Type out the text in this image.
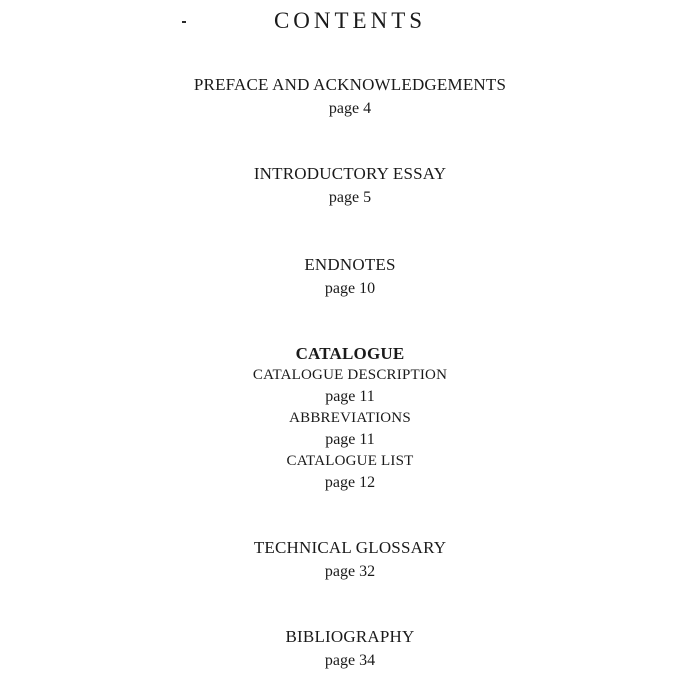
CONTENTS
PREFACE AND ACKNOWLEDGEMENTS
page 4
INTRODUCTORY ESSAY
page 5
ENDNOTES
page 10
CATALOGUE
CATALOGUE DESCRIPTION
page 11
ABBREVIATIONS
page 11
CATALOGUE LIST
page 12
TECHNICAL GLOSSARY
page 32
BIBLIOGRAPHY
page 34
